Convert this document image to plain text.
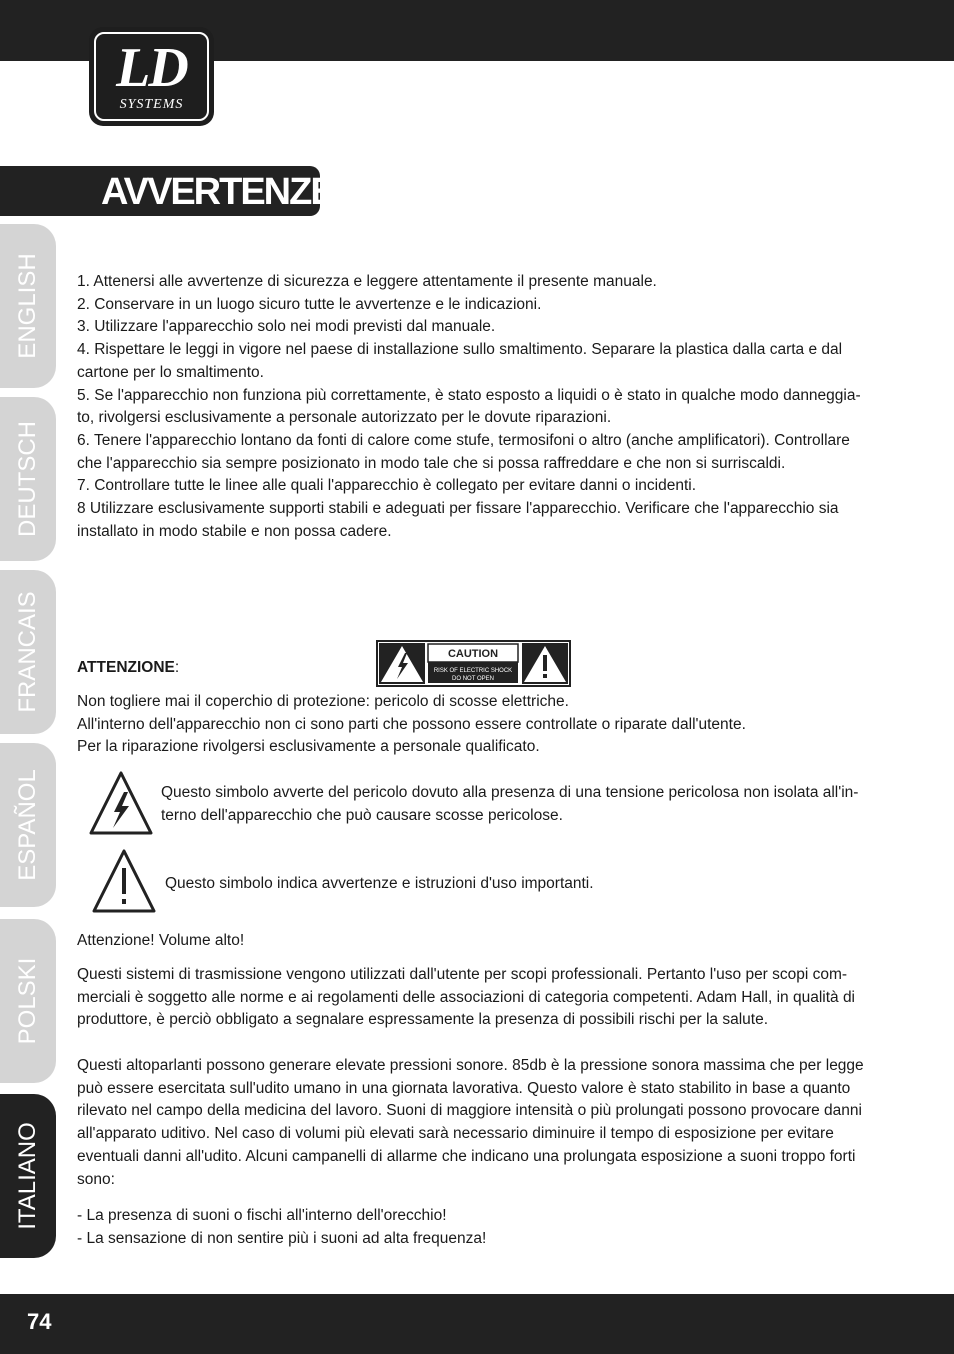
LD
SYSTEMS
AVVERTENZE:
ENGLISH
DEUTSCH
FRANCAIS
ESPAÑOL
POLSKI
ITALIANO

1. Attenersi alle avvertenze di sicurezza e leggere attentamente il presente manuale.

2. Conservare in un luogo sicuro tutte le avvertenze e le indicazioni.

3. Utilizzare l'apparecchio solo nei modi previsti dal manuale.

4. Rispettare le leggi in vigore nel paese di installazione sullo smaltimento. Separare la plastica dalla carta e dal cartone per lo smaltimento.

5. Se l'apparecchio non funziona più correttamente, è stato esposto a liquidi o è stato in qualche modo danneggia-to, rivolgersi esclusivamente a personale autorizzato per le dovute riparazioni.

6. Tenere l'apparecchio lontano da fonti di calore come stufe, termosifoni o altro (anche amplificatori). Controllare che l'apparecchio sia sempre posizionato in modo tale che si possa raffreddare e che non si surriscaldi.

7. Controllare tutte le linee alle quali l'apparecchio è collegato per evitare danni o incidenti.

8 Utilizzare esclusivamente supporti stabili e adeguati per fissare l'apparecchio. Verificare che l'apparecchio sia installato in modo stabile e non possa cadere.

ATTENZIONE:
CAUTION
RISK OF ELECTRIC SHOCK
DO NOT OPEN

Non togliere mai il coperchio di protezione: pericolo di scosse elettriche.

All'interno dell'apparecchio non ci sono parti che possono essere controllate o riparate dall'utente.

Per la riparazione rivolgersi esclusivamente a personale qualificato.

Questo simbolo avverte del pericolo dovuto alla presenza di una tensione pericolosa non isolata all'in-terno dell'apparecchio che può causare scosse pericolose.
Questo simbolo indica avvertenze e istruzioni d'uso importanti.
Attenzione! Volume alto!
Questi sistemi di trasmissione vengono utilizzati dall'utente per scopi professionali. Pertanto l'uso per scopi com-merciali è soggetto alle norme e ai regolamenti delle associazioni di categoria competenti. Adam Hall, in qualità di produttore, è perciò obbligato a segnalare espressamente la presenza di possibili rischi per la salute.
Questi altoparlanti possono generare elevate pressioni sonore. 85db è la pressione sonora massima che per legge può essere esercitata sull'udito umano in una giornata lavorativa. Questo valore è stato stabilito in base a quanto rilevato nel campo della medicina del lavoro. Suoni di maggiore intensità o più prolungati possono provocare danni all'apparato uditivo. Nel caso di volumi più elevati sarà necessario diminuire il tempo di esposizione per evitare eventuali danni all'udito. Alcuni campanelli di allarme che indicano una prolungata esposizione a suoni troppo forti sono:

- La presenza di suoni o fischi all'interno dell'orecchio!

- La sensazione di non sentire più i suoni ad alta frequenza!

74
